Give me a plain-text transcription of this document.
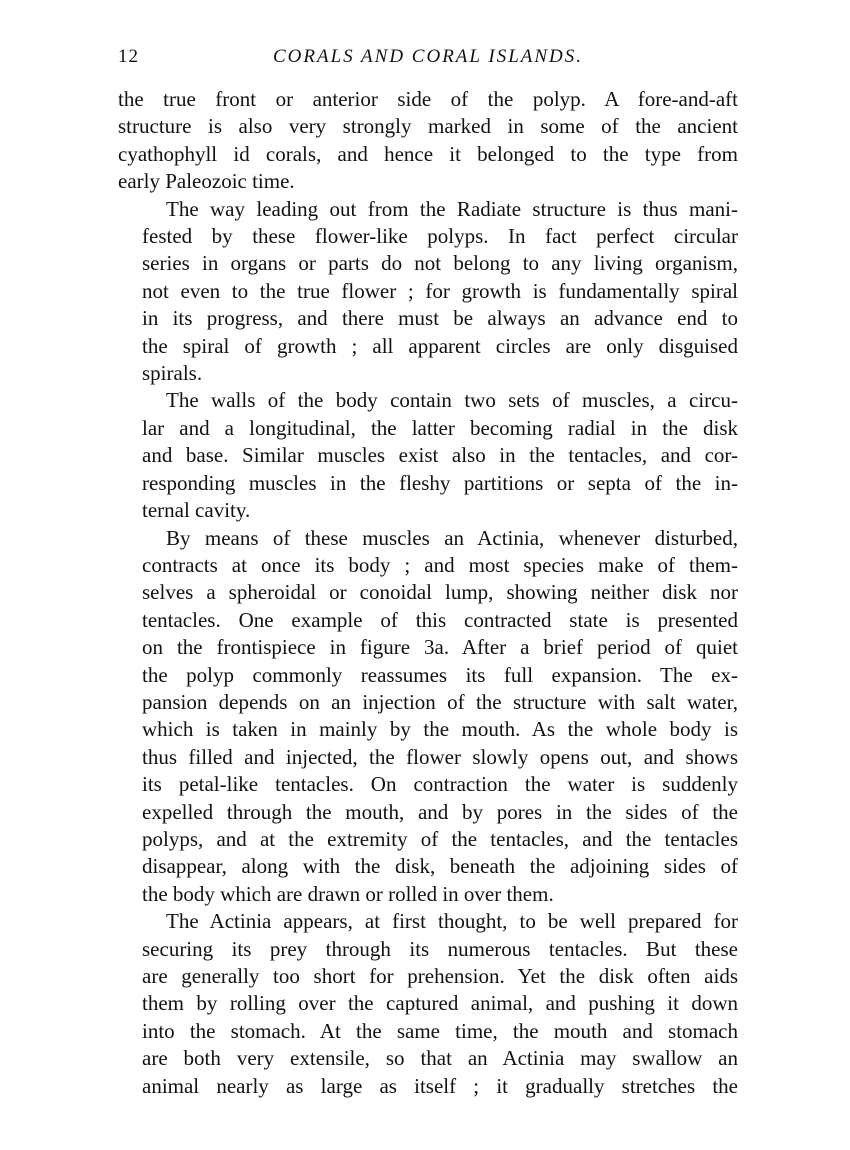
12	CORALS AND CORAL ISLANDS.

the true front or anterior side of the polyp. A fore-and-aft
structure is also very strongly marked in some of the ancient
cyathophyll id corals, and hence it belonged to the type from
early Paleozoic time.

The way leading out from the Radiate structure is thus mani-
fested by these flower-like polyps. In fact perfect circular
series in organs or parts do not belong to any living organism,
not even to the true flower ; for growth is fundamentally spiral
in its progress, and there must be always an advance end to
the spiral of growth ; all apparent circles are only disguised
spirals.

The walls of the body contain two sets of muscles, a circu-
lar and a longitudinal, the latter becoming radial in the disk
and base. Similar muscles exist also in the tentacles, and cor-
responding muscles in the fleshy partitions or septa of the in-
ternal cavity.

By means of these muscles an Actinia, whenever disturbed,
contracts at once its body ; and most species make of them-
selves a spheroidal or conoidal lump, showing neither disk nor
tentacles. One example of this contracted state is presented
on the frontispiece in figure 3a. After a brief period of quiet
the polyp commonly reassumes its full expansion. The ex-
pansion depends on an injection of the structure with salt water,
which is taken in mainly by the mouth. As the whole body is
thus filled and injected, the flower slowly opens out, and shows
its petal-like tentacles. On contraction the water is suddenly
expelled through the mouth, and by pores in the sides of the
polyps, and at the extremity of the tentacles, and the tentacles
disappear, along with the disk, beneath the adjoining sides of
the body which are drawn or rolled in over them.

The Actinia appears, at first thought, to be well prepared for
securing its prey through its numerous tentacles. But these
are generally too short for prehension. Yet the disk often aids
them by rolling over the captured animal, and pushing it down
into the stomach. At the same time, the mouth and stomach
are both very extensile, so that an Actinia may swallow an
animal nearly as large as itself ; it gradually stretches the
